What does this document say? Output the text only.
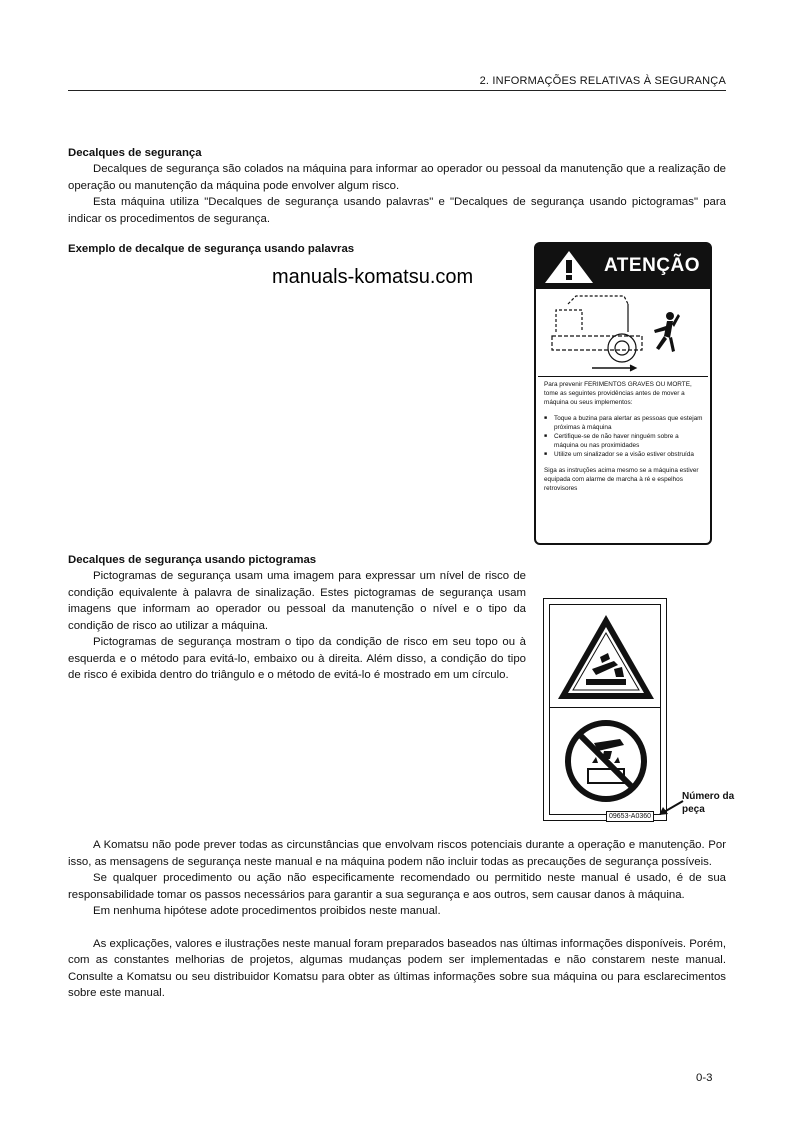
2. INFORMAÇÕES RELATIVAS À SEGURANÇA

Decalques de segurança

Decalques de segurança são colados na máquina para informar ao operador ou pessoal da manutenção que a realização de operação ou manutenção da máquina pode envolver algum risco.

Esta máquina utiliza "Decalques de segurança usando palavras" e "Decalques de segurança usando pictogramas" para indicar os procedimentos de segurança.

Exemplo de decalque de segurança usando palavras

manuals-komatsu.com
ATENÇÃO

Para prevenir FERIMENTOS GRAVES OU MORTE, tome as seguintes providências antes de mover a máquina ou seus implementos:

■ Toque a buzina para alertar as pessoas que estejam próximas à máquina
■ Certifique-se de não haver ninguém sobre a máquina ou nas proximidades
■ Utilize um sinalizador se a visão estiver obstruída

Siga as instruções acima mesmo se a máquina estiver equipada com alarme de marcha à ré e espelhos retrovisores

Decalques de segurança usando pictogramas

Pictogramas de segurança usam uma imagem para expressar um nível de risco de condição equivalente à palavra de sinalização. Estes pictogramas de segurança usam imagens que informam ao operador ou pessoal da manutenção o nível e o tipo da condição de risco ao utilizar a máquina.

Pictogramas de segurança mostram o tipo da condição de risco em seu topo ou à esquerda e o método para evitá-lo, embaixo ou à direita. Além disso, a condição do tipo de risco é exibida dentro do triângulo e o método de evitá-lo é mostrado em um círculo.

09653-A0360
Número da peça

A Komatsu não pode prever todas as circunstâncias que envolvam riscos potenciais durante a operação e manutenção. Por isso, as mensagens de segurança neste manual e na máquina podem não incluir todas as precauções de segurança possíveis.

Se qualquer procedimento ou ação não especificamente recomendado ou permitido neste manual é usado, é de sua responsabilidade tomar os passos necessários para garantir a sua segurança e aos outros, sem causar danos à máquina.

Em nenhuma hipótese adote procedimentos proibidos neste manual.

As explicações, valores e ilustrações neste manual foram preparados baseados nas últimas informações disponíveis. Porém, com as constantes melhorias de projetos, algumas mudanças podem ser implementadas e não constarem neste manual. Consulte a Komatsu ou seu distribuidor Komatsu para obter as últimas informações sobre sua máquina ou para esclarecimentos sobre este manual.

0-3
